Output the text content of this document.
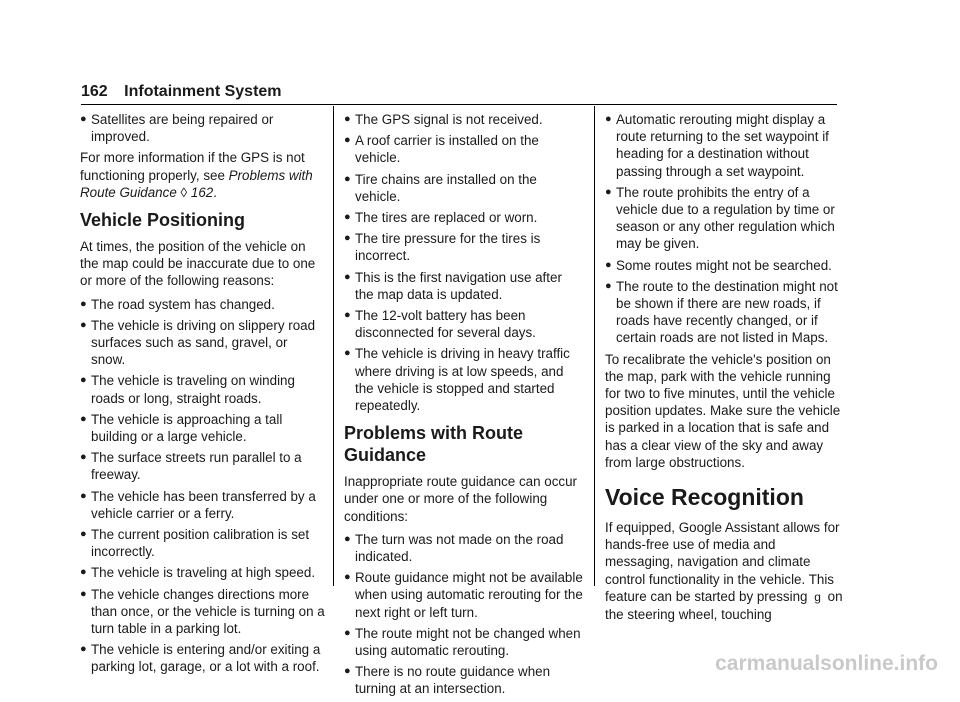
162 Infotainment System
● Satellites are being repaired or improved.

For more information if the GPS is not functioning properly, see Problems with Route Guidance ◊ 162.

Vehicle Positioning

At times, the position of the vehicle on the map could be inaccurate due to one or more of the following reasons:

● The road system has changed.
● The vehicle is driving on slippery road surfaces such as sand, gravel, or snow.
● The vehicle is traveling on winding roads or long, straight roads.
● The vehicle is approaching a tall building or a large vehicle.
● The surface streets run parallel to a freeway.
● The vehicle has been transferred by a vehicle carrier or a ferry.
● The current position calibration is set incorrectly.
● The vehicle is traveling at high speed.
● The vehicle changes directions more than once, or the vehicle is turning on a turn table in a parking lot.
● The vehicle is entering and/or exiting a parking lot, garage, or a lot with a roof.
● The GPS signal is not received.
● A roof carrier is installed on the vehicle.
● Tire chains are installed on the vehicle.
● The tires are replaced or worn.
● The tire pressure for the tires is incorrect.
● This is the first navigation use after the map data is updated.
● The 12-volt battery has been disconnected for several days.
● The vehicle is driving in heavy traffic where driving is at low speeds, and the vehicle is stopped and started repeatedly.
Problems with Route Guidance

Inappropriate route guidance can occur under one or more of the following conditions:

● The turn was not made on the road indicated.
● Route guidance might not be available when using automatic rerouting for the next right or left turn.
● The route might not be changed when using automatic rerouting.
● There is no route guidance when turning at an intersection.
● Automatic rerouting might display a route returning to the set waypoint if heading for a destination without passing through a set waypoint.
● The route prohibits the entry of a vehicle due to a regulation by time or season or any other regulation which may be given.
● Some routes might not be searched.
● The route to the destination might not be shown if there are new roads, if roads have recently changed, or if certain roads are not listed in Maps.

To recalibrate the vehicle's position on the map, park with the vehicle running for two to five minutes, until the vehicle position updates. Make sure the vehicle is parked in a location that is safe and has a clear view of the sky and away from large obstructions.

Voice Recognition

If equipped, Google Assistant allows for hands-free use of media and messaging, navigation and climate control functionality in the vehicle. This feature can be started by pressing g on the steering wheel, touching

carmanualsonline.info
